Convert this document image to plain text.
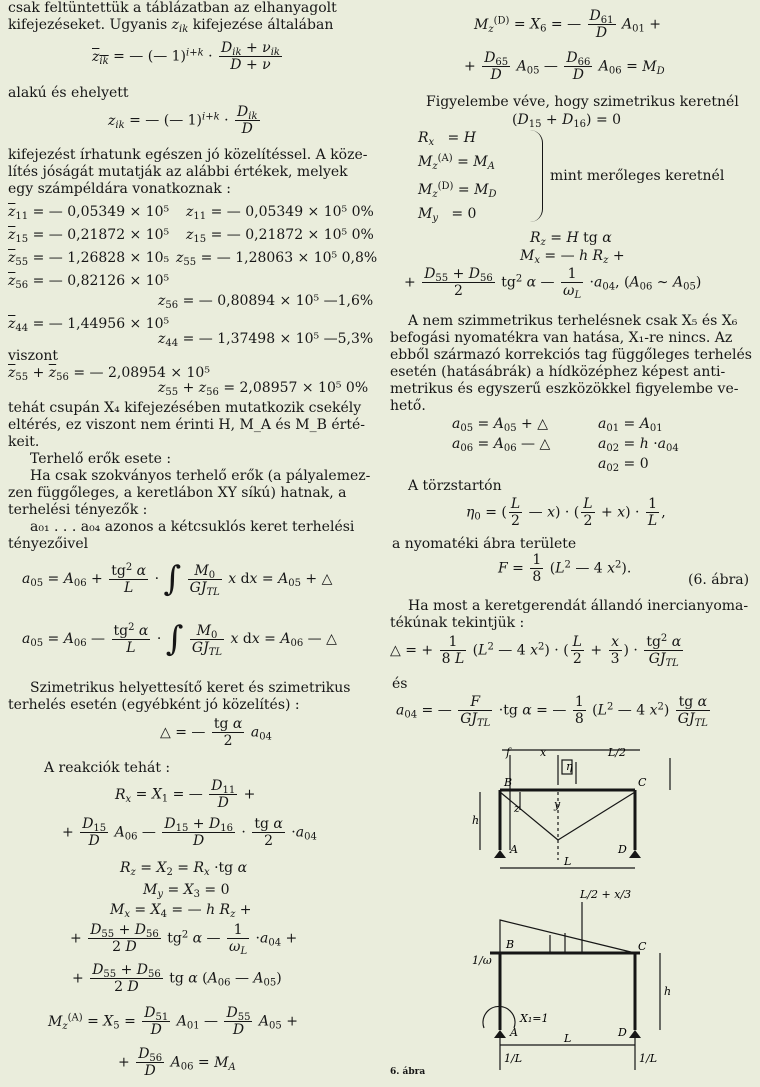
csak feltüntettük a táblázatban az elhanyagolt
kifejezéseket. Ugyanis $z_{ik}$ kifejezése általában
$z_{ik}$ = — (— $1)^{i+k} \cdot \frac{D_{ik} + \nu_{ik}}{D + \nu}$
alakú és ehelyett
$z_{ik}$ = — (— $1)^{i+k} \cdot \frac{D_{ik}}{D}$
kifejezést írhatunk egészen jó közelítéssel. A köze-
lítés jóságát mutatják az alábbi értékek, melyek
egy számpéldára vonatkoznak :
$\overline{z}_{11}$ = — 0,05349 × 10⁵ $z_{11}$ = — 0,05349 × 10⁵ 0%
$\overline{z}_{15}$ = — 0,21872 × 10⁵ $z_{15}$ = — 0,21872 × 10⁵ 0%
$\overline{z}_{55}$ = — 1,26828 × 10₅ $z_{55}$ = — 1,28063 × 10⁵ 0,8%
$\overline{z}_{56}$ = — 0,82126 × 10⁵
$z_{56}$ = — 0,80894 × 10⁵ —1,6%
$\overline{z}_{44}$ = — 1,44956 × 10⁵
$z_{44}$ = — 1,37498 × 10⁵ —5,3%
viszont
$\overline{z}_{55} + \overline{z}_{56}$ = — 2,08954 × 10⁵
$z_{55} + z_{56} = 2,08957 \times 10^5$ 0%
tehát csupán X₄ kifejezésében mutatkozik csekély
eltérés, ez viszont nem érinti H, M_A és M_B érté-
keit.
Terhelő erők esete :
Ha csak szokványos terhelő erők (a pályalemez-
zen függőleges, a keretlábon XY síkú) hatnak, a
terhelési tényezők :
a₀₁ . . . a₀₄ azonos a kétcsuklós keret terhelési
tényezőivel
$a_{05} = A_{06} + \frac{tg^2 \alpha}{L}$ · ∫ $\frac{M_0}{GJ_{TL}}$ x dx = $A_{05}$ + △
$a_{05} = A_{06}$ — $\frac{tg^2 \alpha}{L}$ · ∫ $\frac{M_0}{GJ_{TL}}$ x dx = $A_{06}$ — △
Szimetrikus helyettesítő keret és szimetrikus
terhelés esetén (egyébként jó közelítés) :
△ = — $\frac{\text{tg α}}{2} a_{04}$
A reakciók tehát :
$R_x = X_1$ = — $\frac{D_{11}}{D}$ +
+ $\frac{D_{15}}{D} A_{06}$ — $\frac{D_{15} + D_{16}}{D} \cdot \frac{\text{tg α}}{2} \cdot a_{04}$
$R_z = X_2 = R_x \cdot tg$ α
$M_y = X_3 = 0$
$M_x = X_4$ = — h $R_z$ +
+ $\frac{D_{55} + D_{56}}{2 D} tg^2$ α — $\frac{1}{\omega_L} \cdot a_{04}$ +
+ $\frac{D_{55} + D_{56}}{2 D}$ tg α ($A_{06}$ — $A_{05}$)
$M_z^{(A)} = X_5 = \frac{D_{51}}{D} A_{01}$ — $\frac{D_{55}}{D} A_{05}$ +
+ $\frac{D_{56}}{D} A_{06} = M_A$
$M_z^{(D)} = X_6$ = — $\frac{D_{61}}{D} A_{01}$ +
+ $\frac{D_{65}}{D} A_{05}$ — $\frac{D_{66}}{D} A_{06} = M_D$
Figyelembe véve, hogy szimetrikus keretnél
$(D_{15} + D_{16}) = 0$
$R_x = H$
$M_z^{(A)} = M_A$
$M_z^{(D)} = M_D$
$M_y = 0$
mint merőleges keretnél
$R_z = H$ tg α
$M_x$ = — h $R_z$ +
+ $\frac{D_{55} + D_{56}}{2} tg^2$ α — $\frac{1}{\omega_L} \cdot a_{04}$, ($A_{06}$ ∼ $A_{05}$)
A nem szimmetrikus terhelésnek csak X₅ és X₆
befogási nyomatékra van hatása, X₁-re nincs. Az
ebből származó korrekciós tag függőleges terhelés
esetén (hatásábrák) a hídközéphez képest anti-
metrikus és egyszerű eszközökkel figyelembe ve-
hető.
$a_{05} = A_{05}$ + △	$a_{01} = A_{01}$
$a_{06} = A_{06}$ — △	$a_{02} = h \cdot a_{04}$
$a_{02} = 0$
A törzstartón
$\eta_0$ = ( $\frac{L}{2}$ — x) · ( $\frac{L}{2} + x) \cdot \frac{1}{L}$ ,
a nyomatéki ábra területe
$F = \frac{1}{8} (L^2$ — 4 $x^2$).
(6. ábra)
Ha most a keretgerendát állandó inercianyoma-
tékúnak tekintjük :
△ = + $\frac{1}{8 L} (L^2$ — 4 $x^2$) · ( $\frac{L}{2} + \frac{x}{3}$ ) · $\frac{tg^2 \alpha}{GJ_{TL}}$
és
$a_{04}$ = — $\frac{F}{GJ_{TL}} \cdot tg$ α = — $\frac{1}{8} (L^2$ — 4 $x^2) \frac{\text{tg α}}{GJ_{TL}}$
f	x	L/2
B	C
z
h
A	D
L
y
η
L/2 + x/3
B	C
h
X₁=1
A	D
L
1/L	1/L
1/ω
6. ábra
